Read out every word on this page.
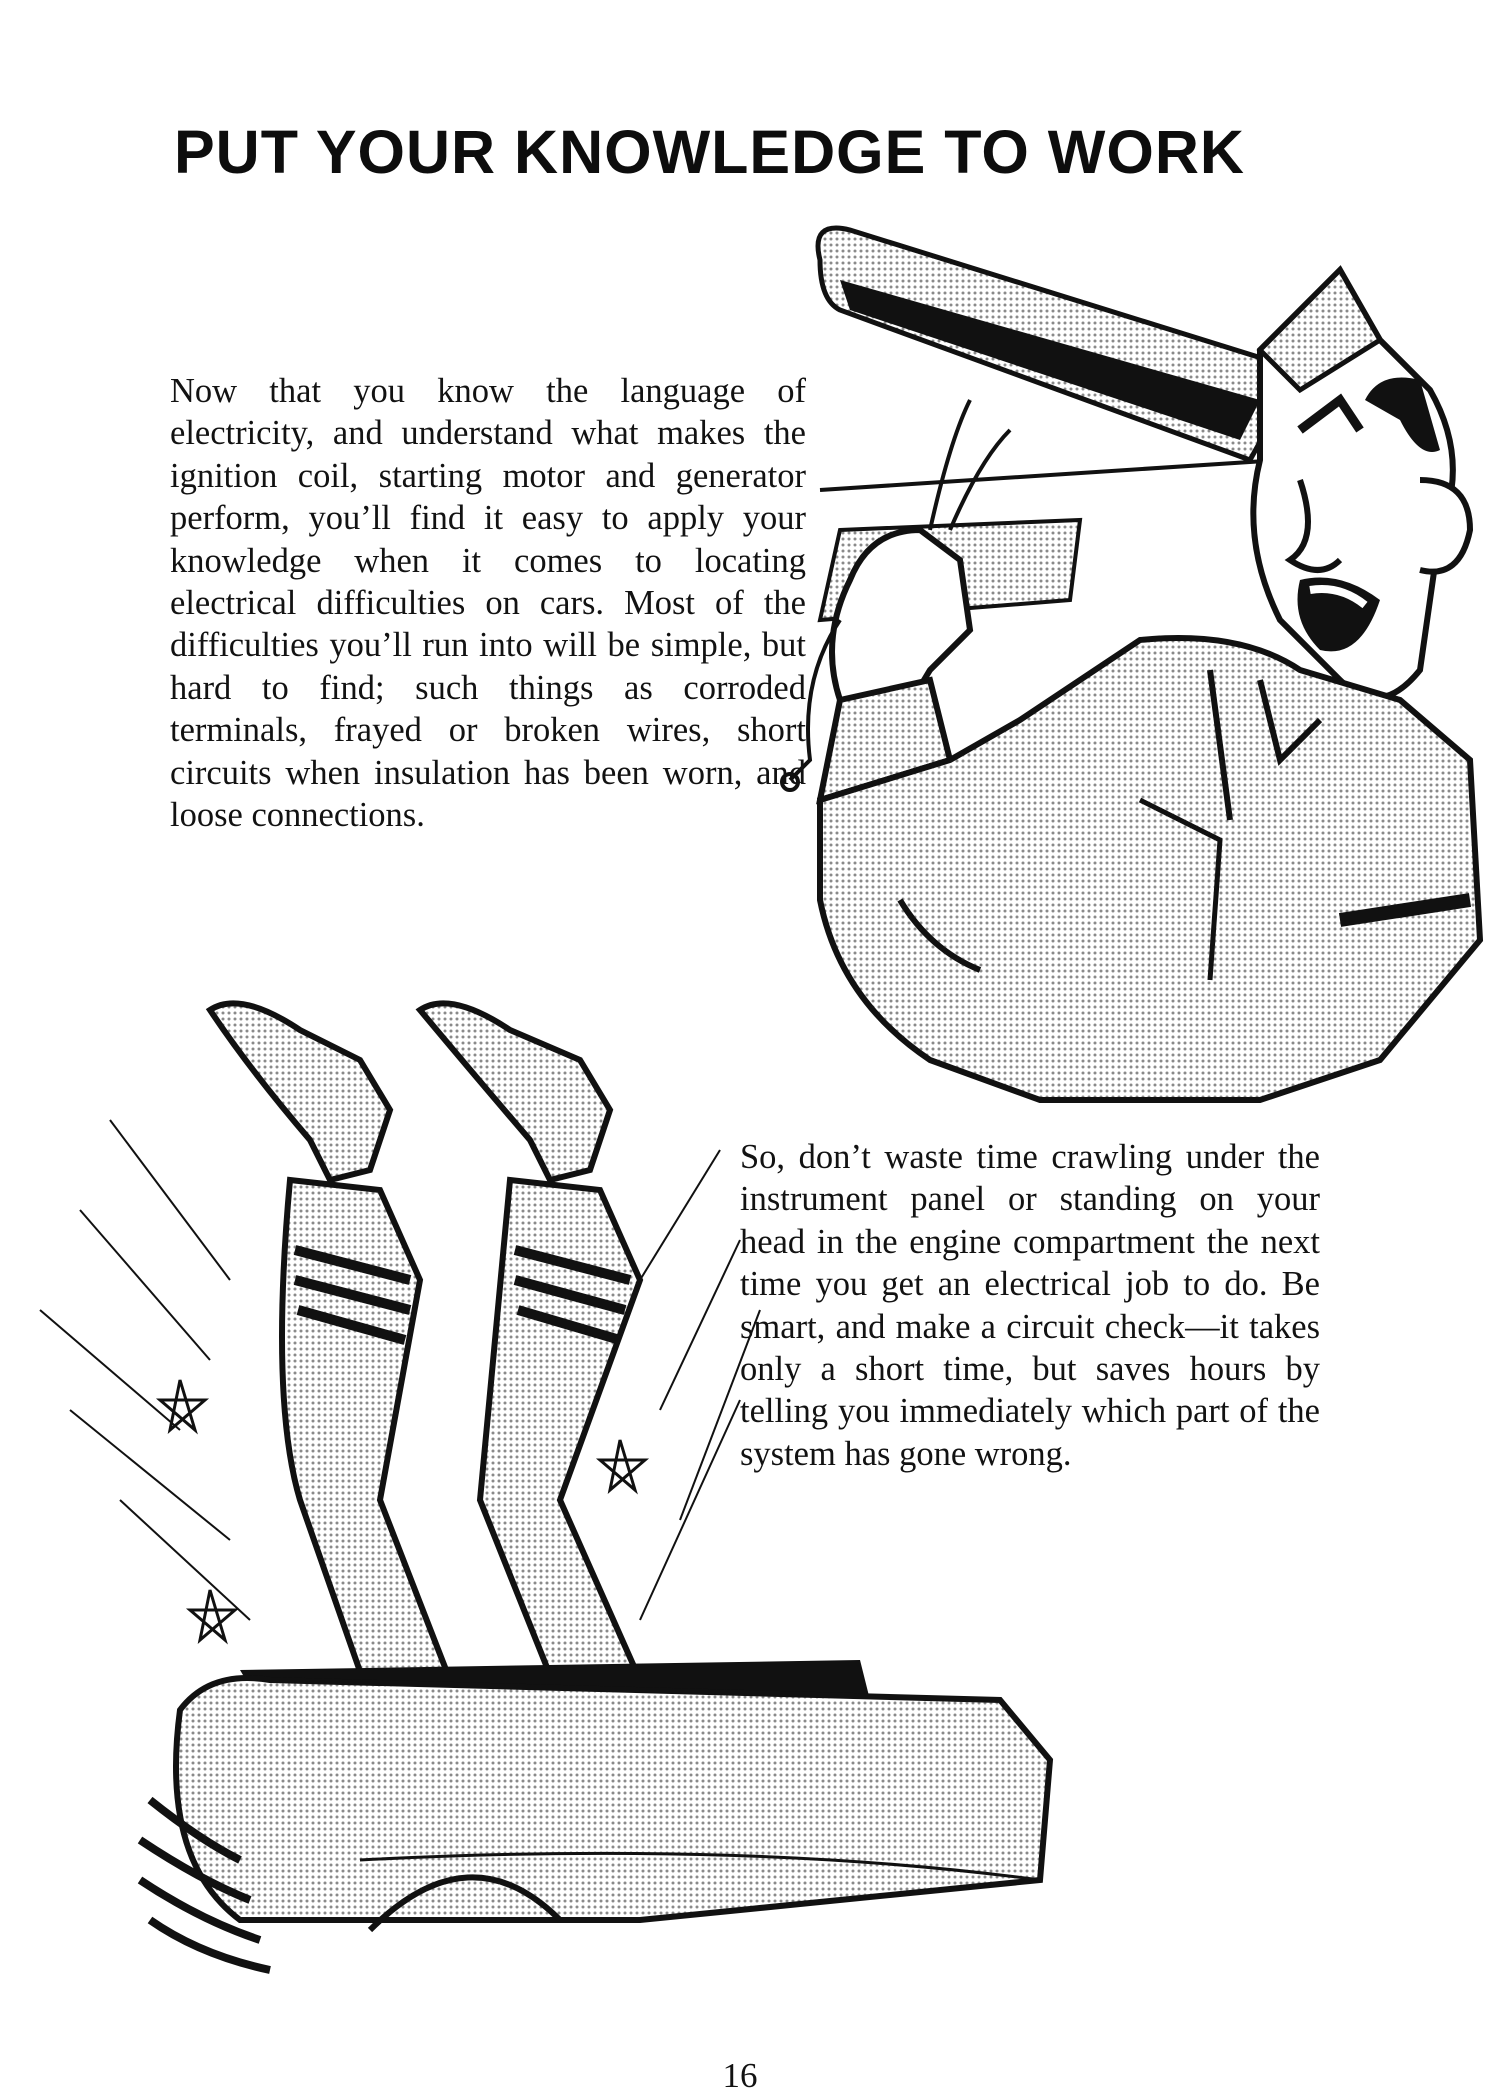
PUT YOUR KNOWLEDGE TO WORK

Now that you know the language of electricity, and understand what makes the ignition coil, starting motor and generator perform, you’ll find it easy to apply your knowledge when it comes to locating electrical difficulties on cars. Most of the difficulties you’ll run into will be simple, but hard to find; such things as corroded terminals, frayed or broken wires, short circuits when insulation has been worn, and loose connections.

So, don’t waste time crawling under the instrument panel or standing on your head in the engine compartment the next time you get an electrical job to do. Be smart, and make a circuit check—it takes only a short time, but saves hours by telling you immediately which part of the system has gone wrong.

16
